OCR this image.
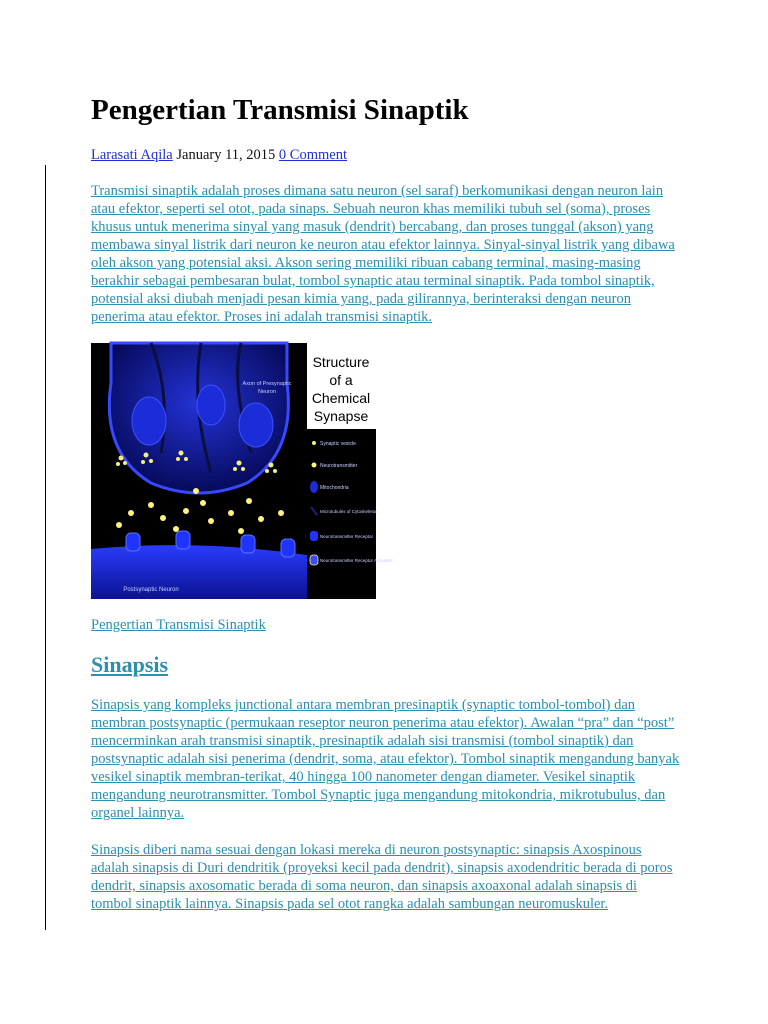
Pengertian Transmisi Sinaptik
Larasati Aqila January 11, 2015 0 Comment

Transmisi sinaptik adalah proses dimana satu neuron (sel saraf) berkomunikasi dengan neuron lain atau efektor, seperti sel otot, pada sinaps. Sebuah neuron khas memiliki tubuh sel (soma), proses khusus untuk menerima sinyal yang masuk (dendrit) bercabang, dan proses tunggal (akson) yang membawa sinyal listrik dari neuron ke neuron atau efektor lainnya. Sinyal-sinyal listrik yang dibawa oleh akson yang potensial aksi. Akson sering memiliki ribuan cabang terminal, masing-masing berakhir sebagai pembesaran bulat, tombol synaptic atau terminal sinaptik. Pada tombol sinaptik, potensial aksi diubah menjadi pesan kimia yang, pada gilirannya, berinteraksi dengan neuron penerima atau efektor. Proses ini adalah transmisi sinaptik.

Structure
of a
Chemical
Synapse
Synaptic vesicle
Neurotransmitter
Mitochondria
Microtubules of Cytoskeleton
Neurotransmitter Receptor
Neurotransmitter Receptor Activated
Axon of Presynaptic
Neuron
Postsynaptic Neuron
Pengertian Transmisi Sinaptik
Sinapsis

Sinapsis yang kompleks junctional antara membran presinaptik (synaptic tombol-tombol) dan membran postsynaptic (permukaan reseptor neuron penerima atau efektor). Awalan “pra” dan “post” mencerminkan arah transmisi sinaptik, presinaptik adalah sisi transmisi (tombol sinaptik) dan postsynaptic adalah sisi penerima (dendrit, soma, atau efektor). Tombol sinaptik mengandung banyak vesikel sinaptik membran-terikat, 40 hingga 100 nanometer dengan diameter. Vesikel sinaptik mengandung neurotransmitter. Tombol Synaptic juga mengandung mitokondria, mikrotubulus, dan organel lainnya.

Sinapsis diberi nama sesuai dengan lokasi mereka di neuron postsynaptic: sinapsis Axospinous adalah sinapsis di Duri dendritik (proyeksi kecil pada dendrit), sinapsis axodendritic berada di poros dendrit, sinapsis axosomatic berada di soma neuron, dan sinapsis axoaxonal adalah sinapsis di tombol sinaptik lainnya. Sinapsis pada sel otot rangka adalah sambungan neuromuskuler.
